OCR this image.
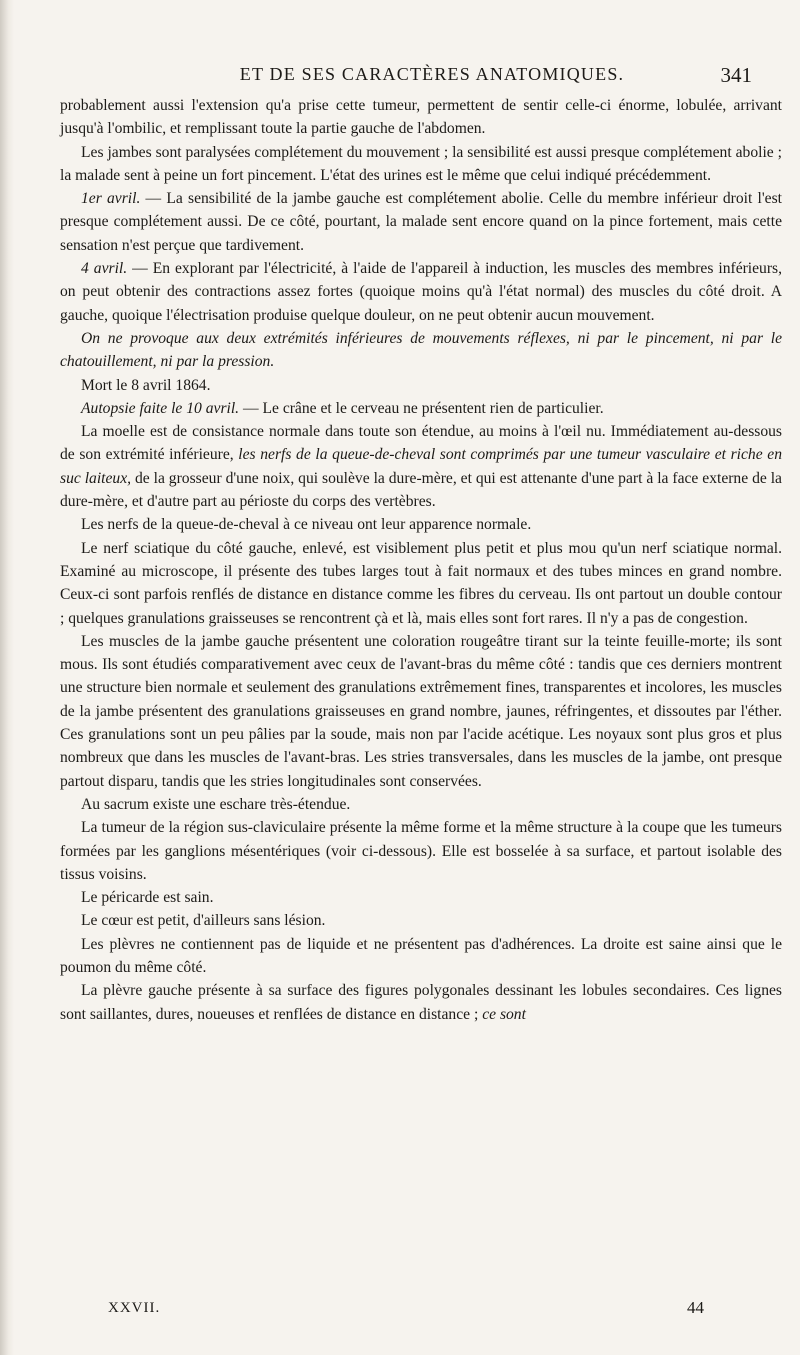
ET DE SES CARACTÈRES ANATOMIQUES.	341

probablement aussi l'extension qu'a prise cette tumeur, permettent de sentir celle-ci énorme, lobulée, arrivant jusqu'à l'ombilic, et remplissant toute la partie gauche de l'abdomen.

Les jambes sont paralysées complétement du mouvement ; la sensibilité est aussi presque complétement abolie ; la malade sent à peine un fort pincement. L'état des urines est le même que celui indiqué précédemment.

1er avril. — La sensibilité de la jambe gauche est complétement abolie. Celle du membre inférieur droit l'est presque complétement aussi. De ce côté, pourtant, la malade sent encore quand on la pince fortement, mais cette sensation n'est perçue que tardivement.

4 avril. — En explorant par l'électricité, à l'aide de l'appareil à induction, les muscles des membres inférieurs, on peut obtenir des contractions assez fortes (quoique moins qu'à l'état normal) des muscles du côté droit. A gauche, quoique l'électrisation produise quelque douleur, on ne peut obtenir aucun mouvement.

On ne provoque aux deux extrémités inférieures de mouvements réflexes, ni par le pincement, ni par le chatouillement, ni par la pression.

Mort le 8 avril 1864.

Autopsie faite le 10 avril. — Le crâne et le cerveau ne présentent rien de particulier.

La moelle est de consistance normale dans toute son étendue, au moins à l'œil nu. Immédiatement au-dessous de son extrémité inférieure, les nerfs de la queue-de-cheval sont comprimés par une tumeur vasculaire et riche en suc laiteux, de la grosseur d'une noix, qui soulève la dure-mère, et qui est attenante d'une part à la face externe de la dure-mère, et d'autre part au périoste du corps des vertèbres.

Les nerfs de la queue-de-cheval à ce niveau ont leur apparence normale.

Le nerf sciatique du côté gauche, enlevé, est visiblement plus petit et plus mou qu'un nerf sciatique normal. Examiné au microscope, il présente des tubes larges tout à fait normaux et des tubes minces en grand nombre. Ceux-ci sont parfois renflés de distance en distance comme les fibres du cerveau. Ils ont partout un double contour ; quelques granulations graisseuses se rencontrent çà et là, mais elles sont fort rares. Il n'y a pas de congestion.

Les muscles de la jambe gauche présentent une coloration rougeâtre tirant sur la teinte feuille-morte; ils sont mous. Ils sont étudiés comparativement avec ceux de l'avant-bras du même côté : tandis que ces derniers montrent une structure bien normale et seulement des granulations extrêmement fines, transparentes et incolores, les muscles de la jambe présentent des granulations graisseuses en grand nombre, jaunes, réfringentes, et dissoutes par l'éther. Ces granulations sont un peu pâlies par la soude, mais non par l'acide acétique. Les noyaux sont plus gros et plus nombreux que dans les muscles de l'avant-bras. Les stries transversales, dans les muscles de la jambe, ont presque partout disparu, tandis que les stries longitudinales sont conservées.

Au sacrum existe une eschare très-étendue.

La tumeur de la région sus-claviculaire présente la même forme et la même structure à la coupe que les tumeurs formées par les ganglions mésentériques (voir ci-dessous). Elle est bosselée à sa surface, et partout isolable des tissus voisins.

Le péricarde est sain.

Le cœur est petit, d'ailleurs sans lésion.

Les plèvres ne contiennent pas de liquide et ne présentent pas d'adhérences. La droite est saine ainsi que le poumon du même côté.

La plèvre gauche présente à sa surface des figures polygonales dessinant les lobules secondaires. Ces lignes sont saillantes, dures, noueuses et renflées de distance en distance ; ce sont

XXVII.	44
